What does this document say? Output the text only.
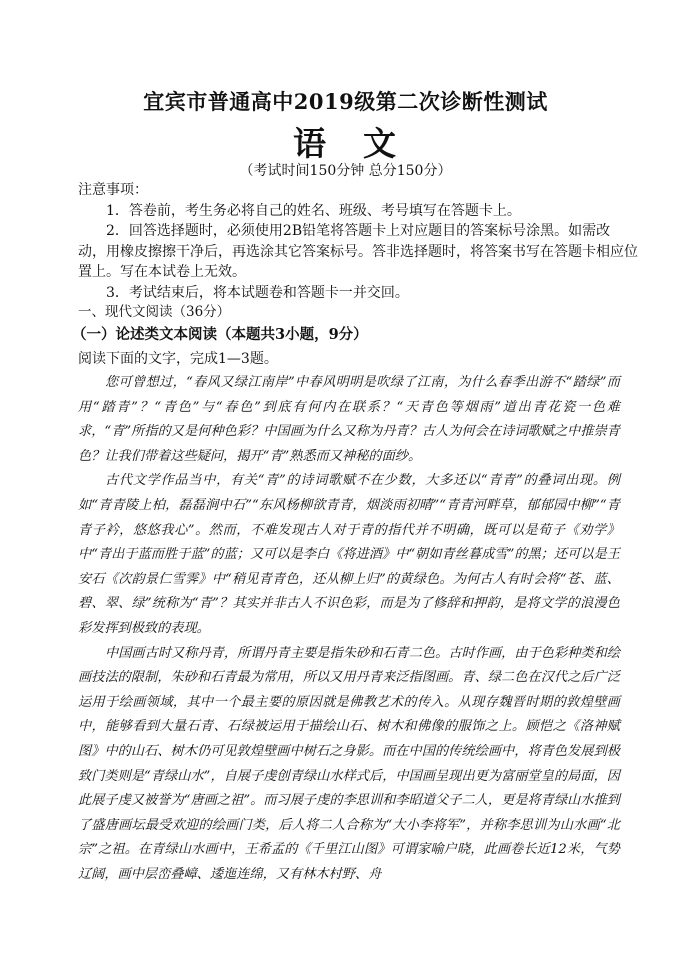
宜宾市普通高中2019级第二次诊断性测试
语　文
（考试时间150分钟 总分150分）

注意事项：

1．答卷前，考生务必将自己的姓名、班级、考号填写在答题卡上。

2．回答选择题时，必须使用2B铅笔将答题卡上对应题目的答案标号涂黑。如需改动，用橡皮擦擦干净后，再选涂其它答案标号。答非选择题时，将答案书写在答题卡相应位置上。写在本试卷上无效。

3．考试结束后，将本试题卷和答题卡一并交回。

一、现代文阅读（36分）
（一）论述类文本阅读（本题共3小题，9分）
阅读下面的文字，完成1—3题。

您可曾想过，“春风又绿江南岸”中春风明明是吹绿了江南，为什么春季出游不“踏绿”而用“踏青”？“青色”与“春色”到底有何内在联系？“天青色等烟雨”道出青花瓷一色难求，“青”所指的又是何种色彩？中国画为什么又称为丹青？古人为何会在诗词歌赋之中推崇青色？让我们带着这些疑问，揭开“青”熟悉而又神秘的面纱。

古代文学作品当中，有关“青”的诗词歌赋不在少数，大多还以“青青”的叠词出现。例如“青青陵上柏，磊磊涧中石”“东风杨柳欲青青，烟淡雨初晴”“青青河畔草，郁郁园中柳”“青青子衿，悠悠我心”。然而，不难发现古人对于青的指代并不明确，既可以是荀子《劝学》中“青出于蓝而胜于蓝”的蓝；又可以是李白《将进酒》中“朝如青丝暮成雪”的黑；还可以是王安石《次韵景仁雪霁》中“稍见青青色，还从柳上归”的黄绿色。为何古人有时会将“苍、蓝、碧、翠、绿”统称为“青”？其实并非古人不识色彩，而是为了修辞和押韵，是将文学的浪漫色彩发挥到极致的表现。

中国画古时又称丹青，所谓丹青主要是指朱砂和石青二色。古时作画，由于色彩种类和绘画技法的限制，朱砂和石青最为常用，所以又用丹青来泛指图画。青、绿二色在汉代之后广泛运用于绘画领域，其中一个最主要的原因就是佛教艺术的传入。从现存魏晋时期的敦煌壁画中，能够看到大量石青、石绿被运用于描绘山石、树木和佛像的服饰之上。顾恺之《洛神赋图》中的山石、树木仍可见敦煌壁画中树石之身影。而在中国的传统绘画中，将青色发展到极致门类则是“青绿山水”，自展子虔创青绿山水样式后，中国画呈现出更为富丽堂皇的局面，因此展子虔又被誉为“唐画之祖”。而习展子虔的李思训和李昭道父子二人，更是将青绿山水推到了盛唐画坛最受欢迎的绘画门类，后人将二人合称为“大小李将军”，并称李思训为山水画“北宗”之祖。在青绿山水画中，王希孟的《千里江山图》可谓家喻户晓，此画卷长近12米，气势辽阔，画中层峦叠嶂、逶迤连绵，又有林木村野、舟
